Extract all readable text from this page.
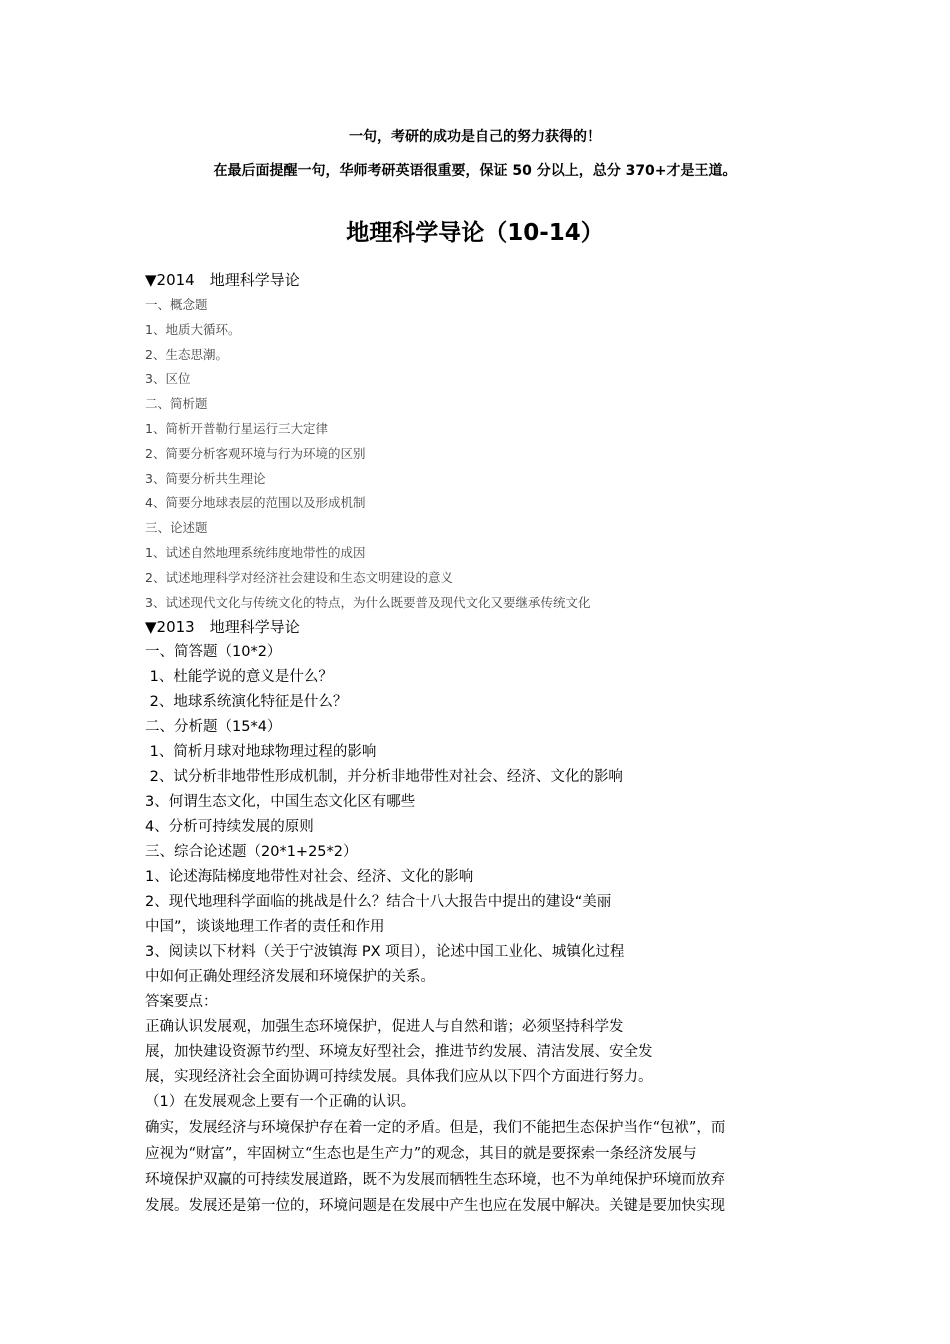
一句，考研的成功是自己的努力获得的！
在最后面提醒一句，华师考研英语很重要，保证 50 分以上，总分 370+才是王道。
地理科学导论（10-14）
▼2014　地理科学导论
一、概念题
1、地质大循环。
2、生态思潮。
3、区位
二、简析题
1、简析开普勒行星运行三大定律
2、简要分析客观环境与行为环境的区别
3、简要分析共生理论
4、简要分地球表层的范围以及形成机制
三、论述题
1、试述自然地理系统纬度地带性的成因
2、试述地理科学对经济社会建设和生态文明建设的意义
3、试述现代文化与传统文化的特点，为什么既要普及现代文化又要继承传统文化
▼2013　地理科学导论
一、简答题（10*2）
1、杜能学说的意义是什么？
2、地球系统演化特征是什么？
二、分析题（15*4）
1、简析月球对地球物理过程的影响
2、试分析非地带性形成机制，并分析非地带性对社会、经济、文化的影响
3、何谓生态文化，中国生态文化区有哪些
4、分析可持续发展的原则
三、综合论述题（20*1+25*2）
1、论述海陆梯度地带性对社会、经济、文化的影响
2、现代地理科学面临的挑战是什么？结合十八大报告中提出的建设“美丽
中国”，谈谈地理工作者的责任和作用
3、阅读以下材料（关于宁波镇海 PX 项目），论述中国工业化、城镇化过程
中如何正确处理经济发展和环境保护的关系。
答案要点：
正确认识发展观，加强生态环境保护，促进人与自然和谐；必须坚持科学发
展，加快建设资源节约型、环境友好型社会，推进节约发展、清洁发展、安全发
展，实现经济社会全面协调可持续发展。具体我们应从以下四个方面进行努力。
（1）在发展观念上要有一个正确的认识。
确实，发展经济与环境保护存在着一定的矛盾。但是，我们不能把生态保护当作“包袱”，而
应视为“财富”，牢固树立“生态也是生产力”的观念，其目的就是要探索一条经济发展与
环境保护双赢的可持续发展道路，既不为发展而牺牲生态环境，也不为单纯保护环境而放弃
发展。发展还是第一位的，环境问题是在发展中产生也应在发展中解决。关键是要加快实现
